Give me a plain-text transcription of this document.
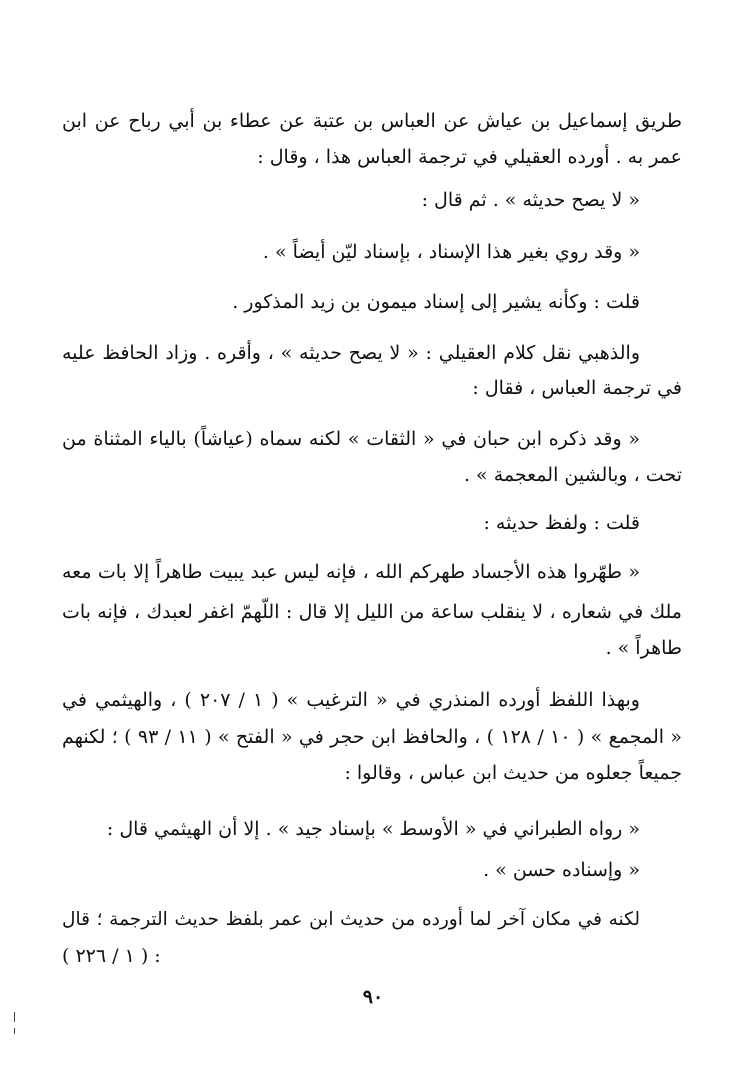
طريق إسماعيل بن عياش عن العباس بن عتبة عن عطاء بن أبي رباح عن ابن
عمر به . أورده العقيلي في ترجمة العباس هذا ، وقال :
« لا يصح حديثه » . ثم قال :
« وقد روي بغير هذا الإسناد ، بإسناد ليّن أيضاً » .
قلت : وكأنه يشير إلى إسناد ميمون بن زيد المذكور .
والذهبي نقل كلام العقيلي : « لا يصح حديثه » ، وأقره . وزاد الحافظ عليه
في ترجمة العباس ، فقال :
« وقد ذكره ابن حبان في « الثقات » لكنه سماه (عياشاً) بالياء المثناة من
تحت ، وبالشين المعجمة » .
قلت : ولفظ حديثه :
« طهّروا هذه الأجساد طهركم الله ، فإنه ليس عبد يبيت طاهراً إلا بات معه
ملك في شعاره ، لا ينقلب ساعة من الليل إلا قال : اللّهمّ اغفر لعبدك ، فإنه بات
طاهراً » .
وبهذا اللفظ أورده المنذري في « الترغيب » ( ١ / ٢٠٧ ) ، والهيثمي في
« المجمع » ( ١٠ / ١٢٨ ) ، والحافظ ابن حجر في « الفتح » ( ١١ / ٩٣ ) ؛ لكنهم
جميعاً جعلوه من حديث ابن عباس ، وقالوا :
« رواه الطبراني في « الأوسط » بإسناد جيد » . إلا أن الهيثمي قال :
« وإسناده حسن » .
لكنه في مكان آخر لما أورده من حديث ابن عمر بلفظ حديث الترجمة ؛ قال
( ١ / ٢٢٦ ) :
٩٠
